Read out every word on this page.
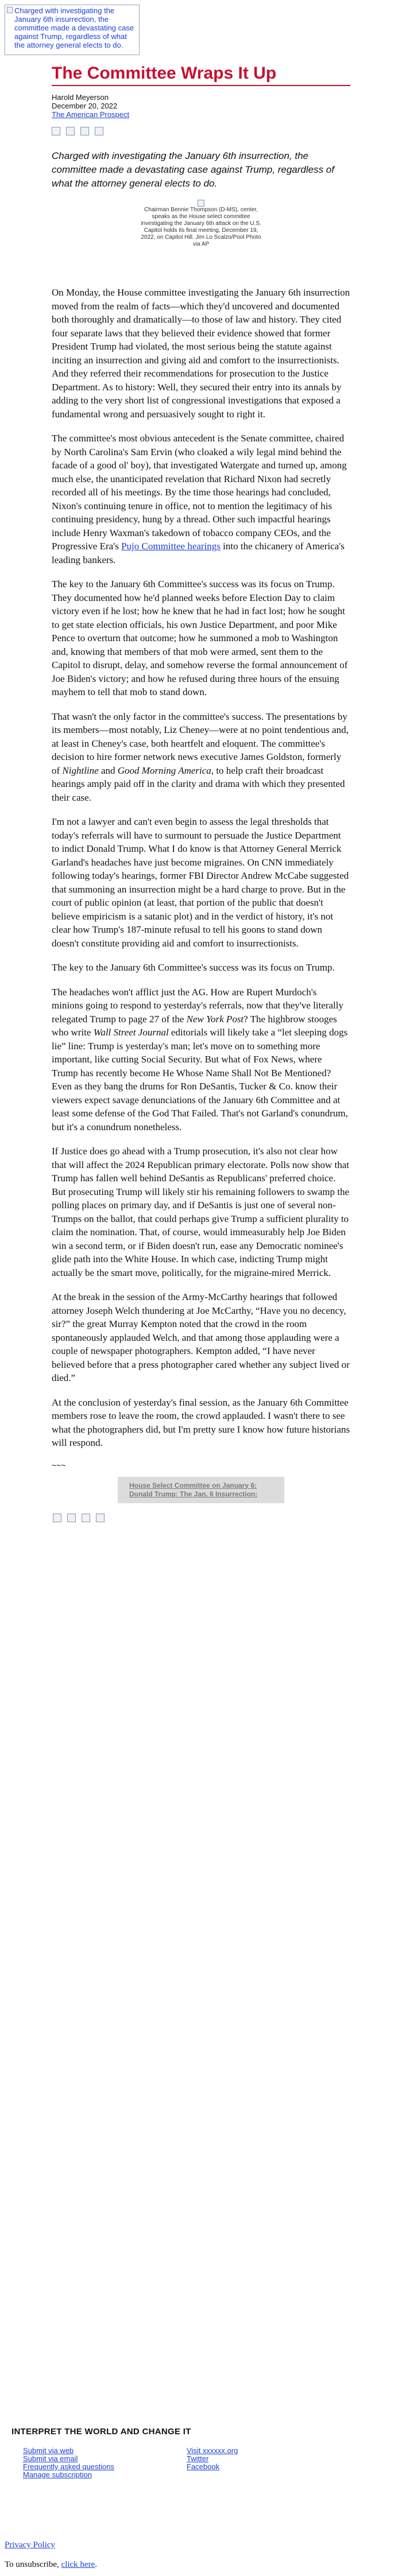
Charged with investigating the January 6th insurrection, the committee made a devastating case against Trump, regardless of what the attorney general elects to do.
The Committee Wraps It Up
Harold Meyerson
December 20, 2022
The American Prospect
Charged with investigating the January 6th insurrection, the committee made a devastating case against Trump, regardless of what the attorney general elects to do.
Chairman Bennie Thompson (D-MS), center, speaks as the House select committee investigating the January 6th attack on the U.S. Capitol holds its final meeting, December 19, 2022, on Capitol Hill. Jim Lo Scalzo/Pool Photo via AP

On Monday, the House committee investigating the January 6th insurrection moved from the realm of facts—which they'd uncovered and documented both thoroughly and dramatically—to those of law and history. They cited four separate laws that they believed their evidence showed that former President Trump had violated, the most serious being the statute against inciting an insurrection and giving aid and comfort to the insurrectionists. And they referred their recommendations for prosecution to the Justice Department. As to history: Well, they secured their entry into its annals by adding to the very short list of congressional investigations that exposed a fundamental wrong and persuasively sought to right it.

The committee's most obvious antecedent is the Senate committee, chaired by North Carolina's Sam Ervin (who cloaked a wily legal mind behind the facade of a good ol' boy), that investigated Watergate and turned up, among much else, the unanticipated revelation that Richard Nixon had secretly recorded all of his meetings. By the time those hearings had concluded, Nixon's continuing tenure in office, not to mention the legitimacy of his continuing presidency, hung by a thread. Other such impactful hearings include Henry Waxman's takedown of tobacco company CEOs, and the Progressive Era's Pujo Committee hearings into the chicanery of America's leading bankers.

The key to the January 6th Committee's success was its focus on Trump. They documented how he'd planned weeks before Election Day to claim victory even if he lost; how he knew that he had in fact lost; how he sought to get state election officials, his own Justice Department, and poor Mike Pence to overturn that outcome; how he summoned a mob to Washington and, knowing that members of that mob were armed, sent them to the Capitol to disrupt, delay, and somehow reverse the formal announcement of Joe Biden's victory; and how he refused during three hours of the ensuing mayhem to tell that mob to stand down.

That wasn't the only factor in the committee's success. The presentations by its members—most notably, Liz Cheney—were at no point tendentious and, at least in Cheney's case, both heartfelt and eloquent. The committee's decision to hire former network news executive James Goldston, formerly of Nightline and Good Morning America, to help craft their broadcast hearings amply paid off in the clarity and drama with which they presented their case.

I'm not a lawyer and can't even begin to assess the legal thresholds that today's referrals will have to surmount to persuade the Justice Department to indict Donald Trump. What I do know is that Attorney General Merrick Garland's headaches have just become migraines. On CNN immediately following today's hearings, former FBI Director Andrew McCabe suggested that summoning an insurrection might be a hard charge to prove. But in the court of public opinion (at least, that portion of the public that doesn't believe empiricism is a satanic plot) and in the verdict of history, it's not clear how Trump's 187-minute refusal to tell his goons to stand down doesn't constitute providing aid and comfort to insurrectionists.

The key to the January 6th Committee's success was its focus on Trump.

The headaches won't afflict just the AG. How are Rupert Murdoch's minions going to respond to yesterday's referrals, now that they've literally relegated Trump to page 27 of the New York Post? The highbrow stooges who write Wall Street Journal editorials will likely take a “let sleeping dogs lie” line: Trump is yesterday's man; let's move on to something more important, like cutting Social Security. But what of Fox News, where Trump has recently become He Whose Name Shall Not Be Mentioned? Even as they bang the drums for Ron DeSantis, Tucker & Co. know their viewers expect savage denunciations of the January 6th Committee and at least some defense of the God That Failed. That's not Garland's conundrum, but it's a conundrum nonetheless.

If Justice does go ahead with a Trump prosecution, it's also not clear how that will affect the 2024 Republican primary electorate. Polls now show that Trump has fallen well behind DeSantis as Republicans' preferred choice. But prosecuting Trump will likely stir his remaining followers to swamp the polling places on primary day, and if DeSantis is just one of several non-Trumps on the ballot, that could perhaps give Trump a sufficient plurality to claim the nomination. That, of course, would immeasurably help Joe Biden win a second term, or if Biden doesn't run, ease any Democratic nominee's glide path into the White House. In which case, indicting Trump might actually be the smart move, politically, for the migraine-mired Merrick.

At the break in the session of the Army-McCarthy hearings that followed attorney Joseph Welch thundering at Joe McCarthy, “Have you no decency, sir?” the great Murray Kempton noted that the crowd in the room spontaneously applauded Welch, and that among those applauding were a couple of newspaper photographers. Kempton added, “I have never believed before that a press photographer cared whether any subject lived or died.”

At the conclusion of yesterday's final session, as the January 6th Committee members rose to leave the room, the crowd applauded. I wasn't there to see what the photographers did, but I'm pretty sure I know how future historians will respond.

~~~
House Select Committee on January 6: Donald Trump: The Jan. 6 Insurrection:
INTERPRET THE WORLD AND CHANGE IT
Submit via web
Submit via email
Frequently asked questions
Manage subscription
Visit xxxxxx.org
Twitter
Facebook
Privacy Policy
To unsubscribe, click here.
